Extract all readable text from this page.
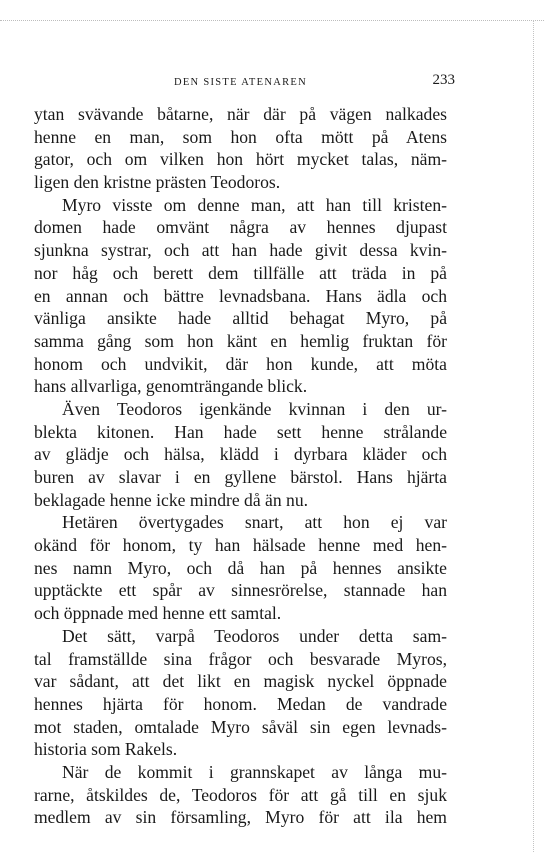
DEN SISTE ATENAREN	233
ytan svävande båtarne, när där på vägen nalkades
henne en man, som hon ofta mött på Atens
gator, och om vilken hon hört mycket talas, näm-
ligen den kristne prästen Teodoros.
Myro visste om denne man, att han till kristen-
domen hade omvänt några av hennes djupast
sjunkna systrar, och att han hade givit dessa kvin-
nor håg och berett dem tillfälle att träda in på
en annan och bättre levnadsbana. Hans ädla och
vänliga ansikte hade alltid behagat Myro, på
samma gång som hon känt en hemlig fruktan för
honom och undvikit, där hon kunde, att möta
hans allvarliga, genomträngande blick.
Även Teodoros igenkände kvinnan i den ur-
blekta kitonen. Han hade sett henne strålande
av glädje och hälsa, klädd i dyrbara kläder och
buren av slavar i en gyllene bärstol. Hans hjärta
beklagade henne icke mindre då än nu.
Hetären övertygades snart, att hon ej var
okänd för honom, ty han hälsade henne med hen-
nes namn Myro, och då han på hennes ansikte
upptäckte ett spår av sinnesrörelse, stannade han
och öppnade med henne ett samtal.
Det sätt, varpå Teodoros under detta sam-
tal framställde sina frågor och besvarade Myros,
var sådant, att det likt en magisk nyckel öppnade
hennes hjärta för honom. Medan de vandrade
mot staden, omtalade Myro såväl sin egen levnads-
historia som Rakels.
När de kommit i grannskapet av långa mu-
rarne, åtskildes de, Teodoros för att gå till en sjuk
medlem av sin församling, Myro för att ila hem
